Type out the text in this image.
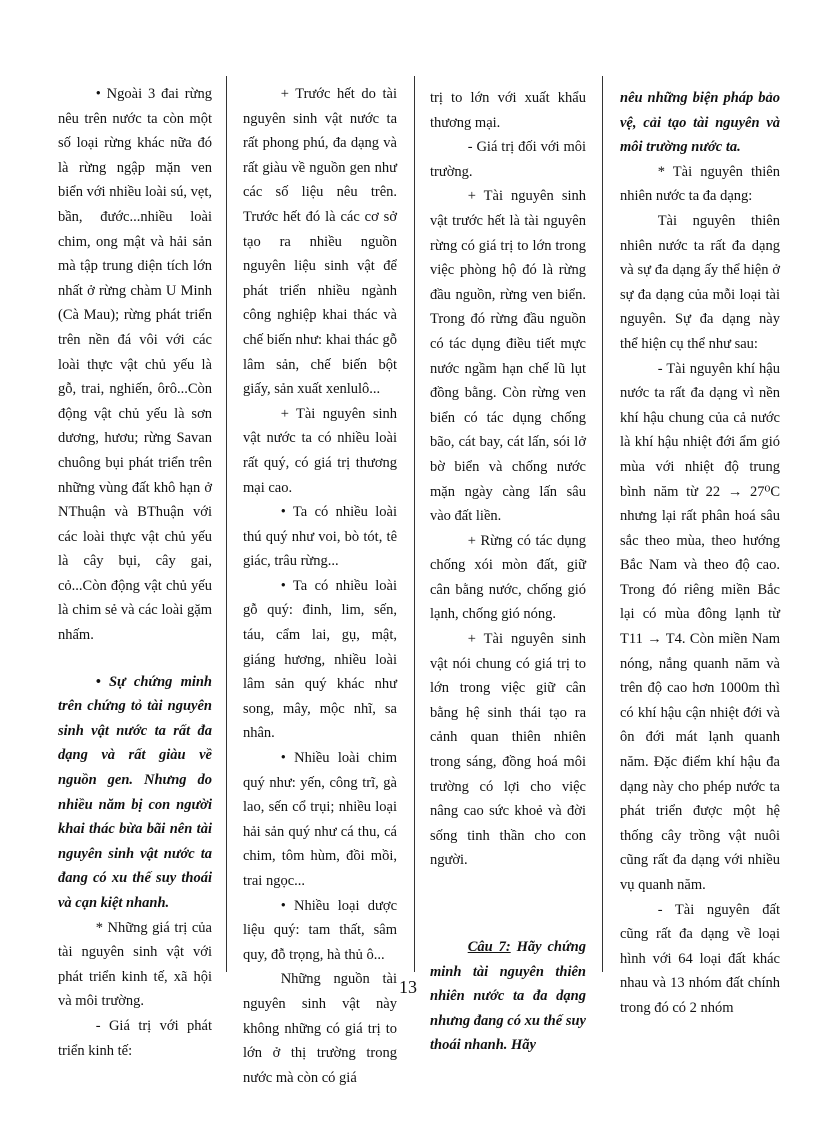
• Ngoài 3 đai rừng nêu trên nước ta còn một số loại rừng khác nữa đó là rừng ngập mặn ven biển với nhiều loài sú, vẹt, bần, đước...nhiều loài chim, ong mật và hải sản mà tập trung diện tích lớn nhất ở rừng chàm U Minh (Cà Mau); rừng phát triển trên nền đá vôi với các loài thực vật chủ yếu là gỗ, trai, nghiến, ôrô...Còn động vật chủ yếu là sơn dương, hươu; rừng Savan chuông bụi phát triển trên những vùng đất khô hạn ở NThuận và BThuận với các loài thực vật chủ yếu là cây bụi, cây gai, cỏ...Còn động vật chủ yếu là chim sẻ và các loài gặm nhấm.

• Sự chứng minh trên chứng tỏ tài nguyên sinh vật nước ta rất đa dạng và rất giàu về nguồn gen. Nhưng do nhiều năm bị con người khai thác bừa bãi nên tài nguyên sinh vật nước ta đang có xu thế suy thoái và cạn kiệt nhanh.

* Những giá trị của tài nguyên sinh vật với phát triển kinh tế, xã hội và môi trường.

- Giá trị với phát triển kinh tế:

+ Trước hết do tài nguyên sinh vật nước ta rất phong phú, đa dạng và rất giàu về nguồn gen như các số liệu nêu trên. Trước hết đó là các cơ sở tạo ra nhiều nguồn nguyên liệu sinh vật để phát triển nhiều ngành công nghiệp khai thác và chế biến như: khai thác gỗ lâm sản, chế biến bột giấy, sản xuất xenlulô...

+ Tài nguyên sinh vật nước ta có nhiều loài rất quý, có giá trị thương mại cao.

• Ta có nhiều loài thú quý như voi, bò tót, tê giác, trâu rừng...

• Ta có nhiều loài gỗ quý: đinh, lim, sến, táu, cẩm lai, gụ, mật, giáng hương, nhiều loài lâm sản quý khác như song, mây, mộc nhĩ, sa nhân.

• Nhiều loài chim quý như: yến, công trĩ, gà lao, sến cổ trụi; nhiều loại hải sản quý như cá thu, cá chim, tôm hùm, đồi mồi, trai ngọc...

• Nhiều loại dược liệu quý: tam thất, sâm quy, đỗ trọng, hà thủ ô...

Những nguồn tài nguyên sinh vật này không những có giá trị to lớn ở thị trường trong nước mà còn có giá

trị to lớn với xuất khẩu thương mại.

- Giá trị đối với môi trường.

+ Tài nguyên sinh vật trước hết là tài nguyên rừng có giá trị to lớn trong việc phòng hộ đó là rừng đầu nguồn, rừng ven biển. Trong đó rừng đầu nguồn có tác dụng điều tiết mực nước ngầm hạn chế lũ lụt đồng bằng. Còn rừng ven biển có tác dụng chống bão, cát bay, cát lấn, sói lở bờ biển và chống nước mặn ngày càng lấn sâu vào đất liền.

+ Rừng có tác dụng chống xói mòn đất, giữ cân bằng nước, chống gió lạnh, chống gió nóng.

+ Tài nguyên sinh vật nói chung có giá trị to lớn trong việc giữ cân bằng hệ sinh thái tạo ra cảnh quan thiên nhiên trong sáng, đồng hoá môi trường có lợi cho việc nâng cao sức khoẻ và đời sống tinh thần cho con người.

Câu 7: Hãy chứng minh tài nguyên thiên nhiên nước ta đa dạng nhưng đang có xu thế suy thoái nhanh. Hãy

nêu những biện pháp bảo vệ, cải tạo tài nguyên và môi trường nước ta.

* Tài nguyên thiên nhiên nước ta đa dạng:

Tài nguyên thiên nhiên nước ta rất đa dạng và sự đa dạng ấy thể hiện ở sự đa dạng của mỗi loại tài nguyên. Sự đa dạng này thể hiện cụ thể như sau:

- Tài nguyên khí hậu nước ta rất đa dạng vì nền khí hậu chung của cả nước là khí hậu nhiệt đới ẩm gió mùa với nhiệt độ trung bình năm từ 22 → 27⁰C nhưng lại rất phân hoá sâu sắc theo mùa, theo hướng Bắc Nam và theo độ cao. Trong đó riêng miền Bắc lại có mùa đông lạnh từ T11 → T4. Còn miền Nam nóng, nắng quanh năm và trên độ cao hơn 1000m thì có khí hậu cận nhiệt đới và ôn đới mát lạnh quanh năm. Đặc điểm khí hậu đa dạng này cho phép nước ta phát triển được một hệ thống cây trồng vật nuôi cũng rất đa dạng với nhiều vụ quanh năm.

- Tài nguyên đất cũng rất đa dạng về loại hình với 64 loại đất khác nhau và 13 nhóm đất chính trong đó có 2 nhóm

13
